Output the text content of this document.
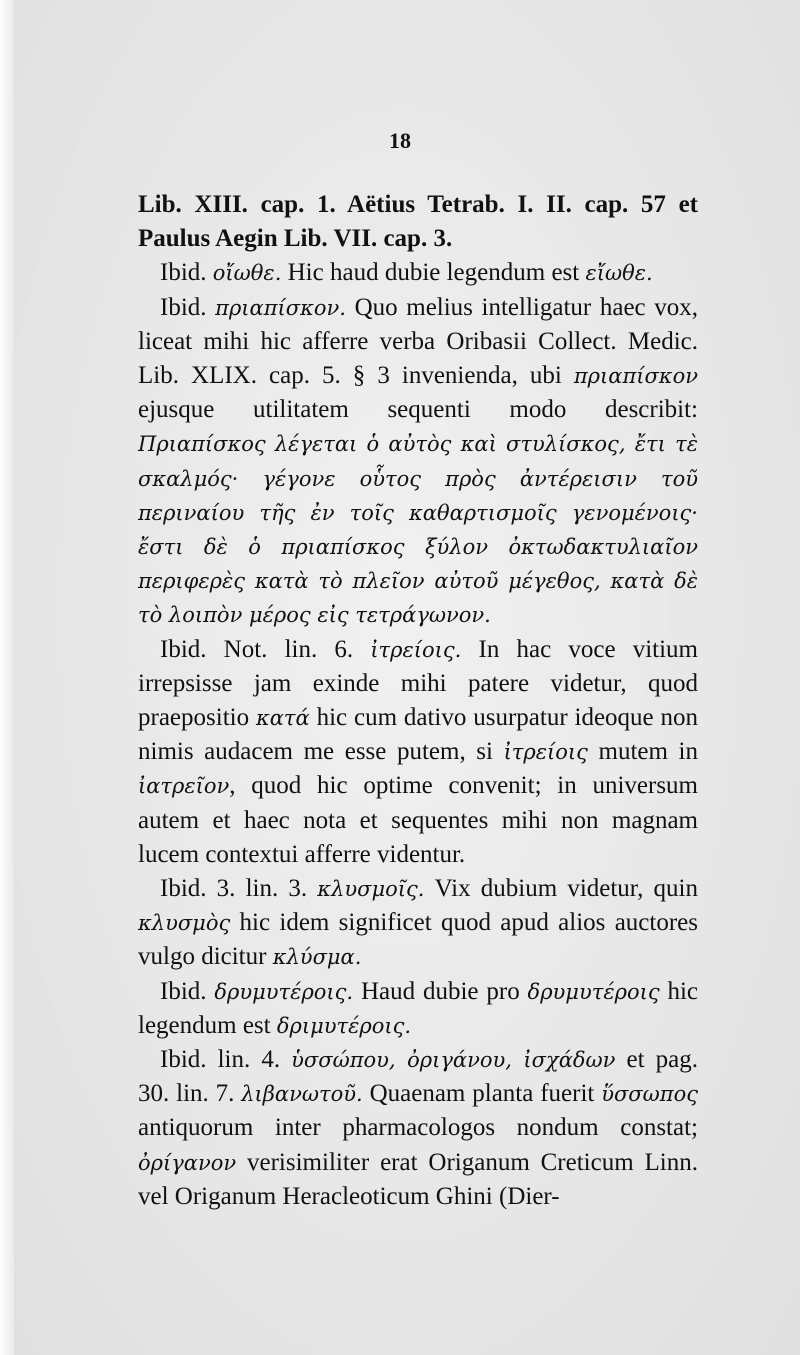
18

Lib. XIII. cap. 1. Aëtius Tetrab. I. II. cap. 57 et Paulus Aegin Lib. VII. cap. 3.

Ibid. οἴωθε. Hic haud dubie legendum est εἴωθε.

Ibid. πριαπίσκον. Quo melius intelligatur haec vox, liceat mihi hic afferre verba Oribasii Collect. Medic. Lib. XLIX. cap. 5. § 3 invenienda, ubi πριαπίσκον ejusque utilitatem sequenti modo describit: Πριαπίσκος λέγεται ὁ αὐτὸς καὶ στυλίσκος, ἔτι τὲ σκαλμός· γέγονε οὗτος πρὸς ἀντέρεισιν τοῦ περιναίου τῆς ἐν τοῖς καθαρτισμοῖς γενομένοις· ἔστι δὲ ὁ πριαπίσκος ξύλον ὀκτωδακτυλιαῖον περιφερὲς κατὰ τὸ πλεῖον αὐτοῦ μέγεθος, κατὰ δὲ τὸ λοιπὸν μέρος εἰς τετράγωνον.

Ibid. Not. lin. 6. ἰτρείοις. In hac voce vitium irrepsisse jam exinde mihi patere videtur, quod praepositio κατά hic cum dativo usurpatur ideoque non nimis audacem me esse putem, si ἰτρείοις mutem in ἰατρεῖον, quod hic optime convenit; in universum autem et haec nota et sequentes mihi non magnam lucem contextui afferre videntur.

Ibid. 3. lin. 3. κλυσμοῖς. Vix dubium videtur, quin κλυσμὸς hic idem significet quod apud alios auctores vulgo dicitur κλύσμα.

Ibid. δρυμυτέροις. Haud dubie pro δρυμυτέροις hic legendum est δριμυτέροις.

Ibid. lin. 4. ὑσσώπου, ὀριγάνου, ἰσχάδων et pag. 30. lin. 7. λιβανωτοῦ. Quaenam planta fuerit ὕσσωπος antiquorum inter pharmacologos nondum constat; ὀρίγανον verisimiliter erat Origanum Creticum Linn. vel Origanum Heracleoticum Ghini (Dier-
